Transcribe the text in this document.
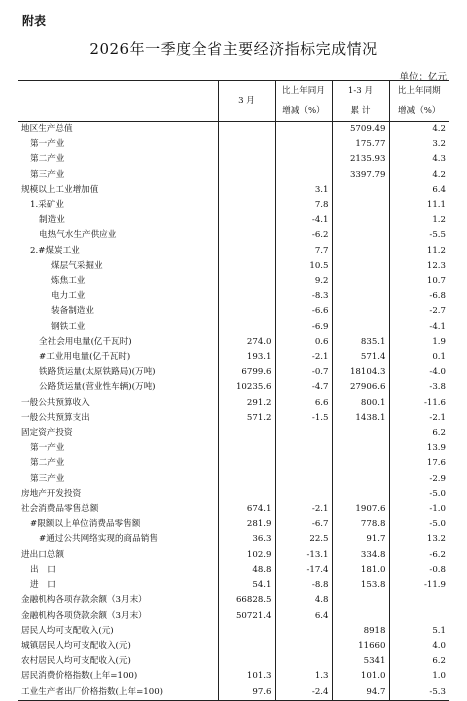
附表
2026年一季度全省主要经济指标完成情况
单位：亿元
	3 月	比上年同月	1-3 月	比上年同期
		增减（%）	累 计	增减（%）
地区生产总值			5709.49	4.2
第一产业			175.77	3.2
第二产业			2135.93	4.3
第三产业			3397.79	4.2
规模以上工业增加值		3.1		6.4
1.采矿业		7.8		11.1
制造业		-4.1		1.2
电热气水生产供应业		-6.2		-5.5
2.#煤炭工业		7.7		11.2
煤层气采掘业		10.5		12.3
炼焦工业		9.2		10.7
电力工业		-8.3		-6.8
装备制造业		-6.6		-2.7
钢铁工业		-6.9		-4.1
全社会用电量(亿千瓦时)	274.0	0.6	835.1	1.9
#工业用电量(亿千瓦时)	193.1	-2.1	571.4	0.1
铁路货运量(太原铁路局)(万吨)	6799.6	-0.7	18104.3	-4.0
公路货运量(营业性车辆)(万吨)	10235.6	-4.7	27906.6	-3.8
一般公共预算收入	291.2	6.6	800.1	-11.6
一般公共预算支出	571.2	-1.5	1438.1	-2.1
固定资产投资				6.2
第一产业				13.9
第二产业				17.6
第三产业				-2.9
房地产开发投资				-5.0
社会消费品零售总额	674.1	-2.1	1907.6	-1.0
#限额以上单位消费品零售额	281.9	-6.7	778.8	-5.0
#通过公共网络实现的商品销售	36.3	22.5	91.7	13.2
进出口总额	102.9	-13.1	334.8	-6.2
出　口	48.8	-17.4	181.0	-0.8
进　口	54.1	-8.8	153.8	-11.9
金融机构各项存款余额（3月末）	66828.5	4.8		
金融机构各项贷款余额（3月末）	50721.4	6.4		
居民人均可支配收入(元)			8918	5.1
城镇居民人均可支配收入(元)			11660	4.0
农村居民人均可支配收入(元)			5341	6.2
居民消费价格指数(上年=100)	101.3	1.3	101.0	1.0
工业生产者出厂价格指数(上年=100)	97.6	-2.4	94.7	-5.3
